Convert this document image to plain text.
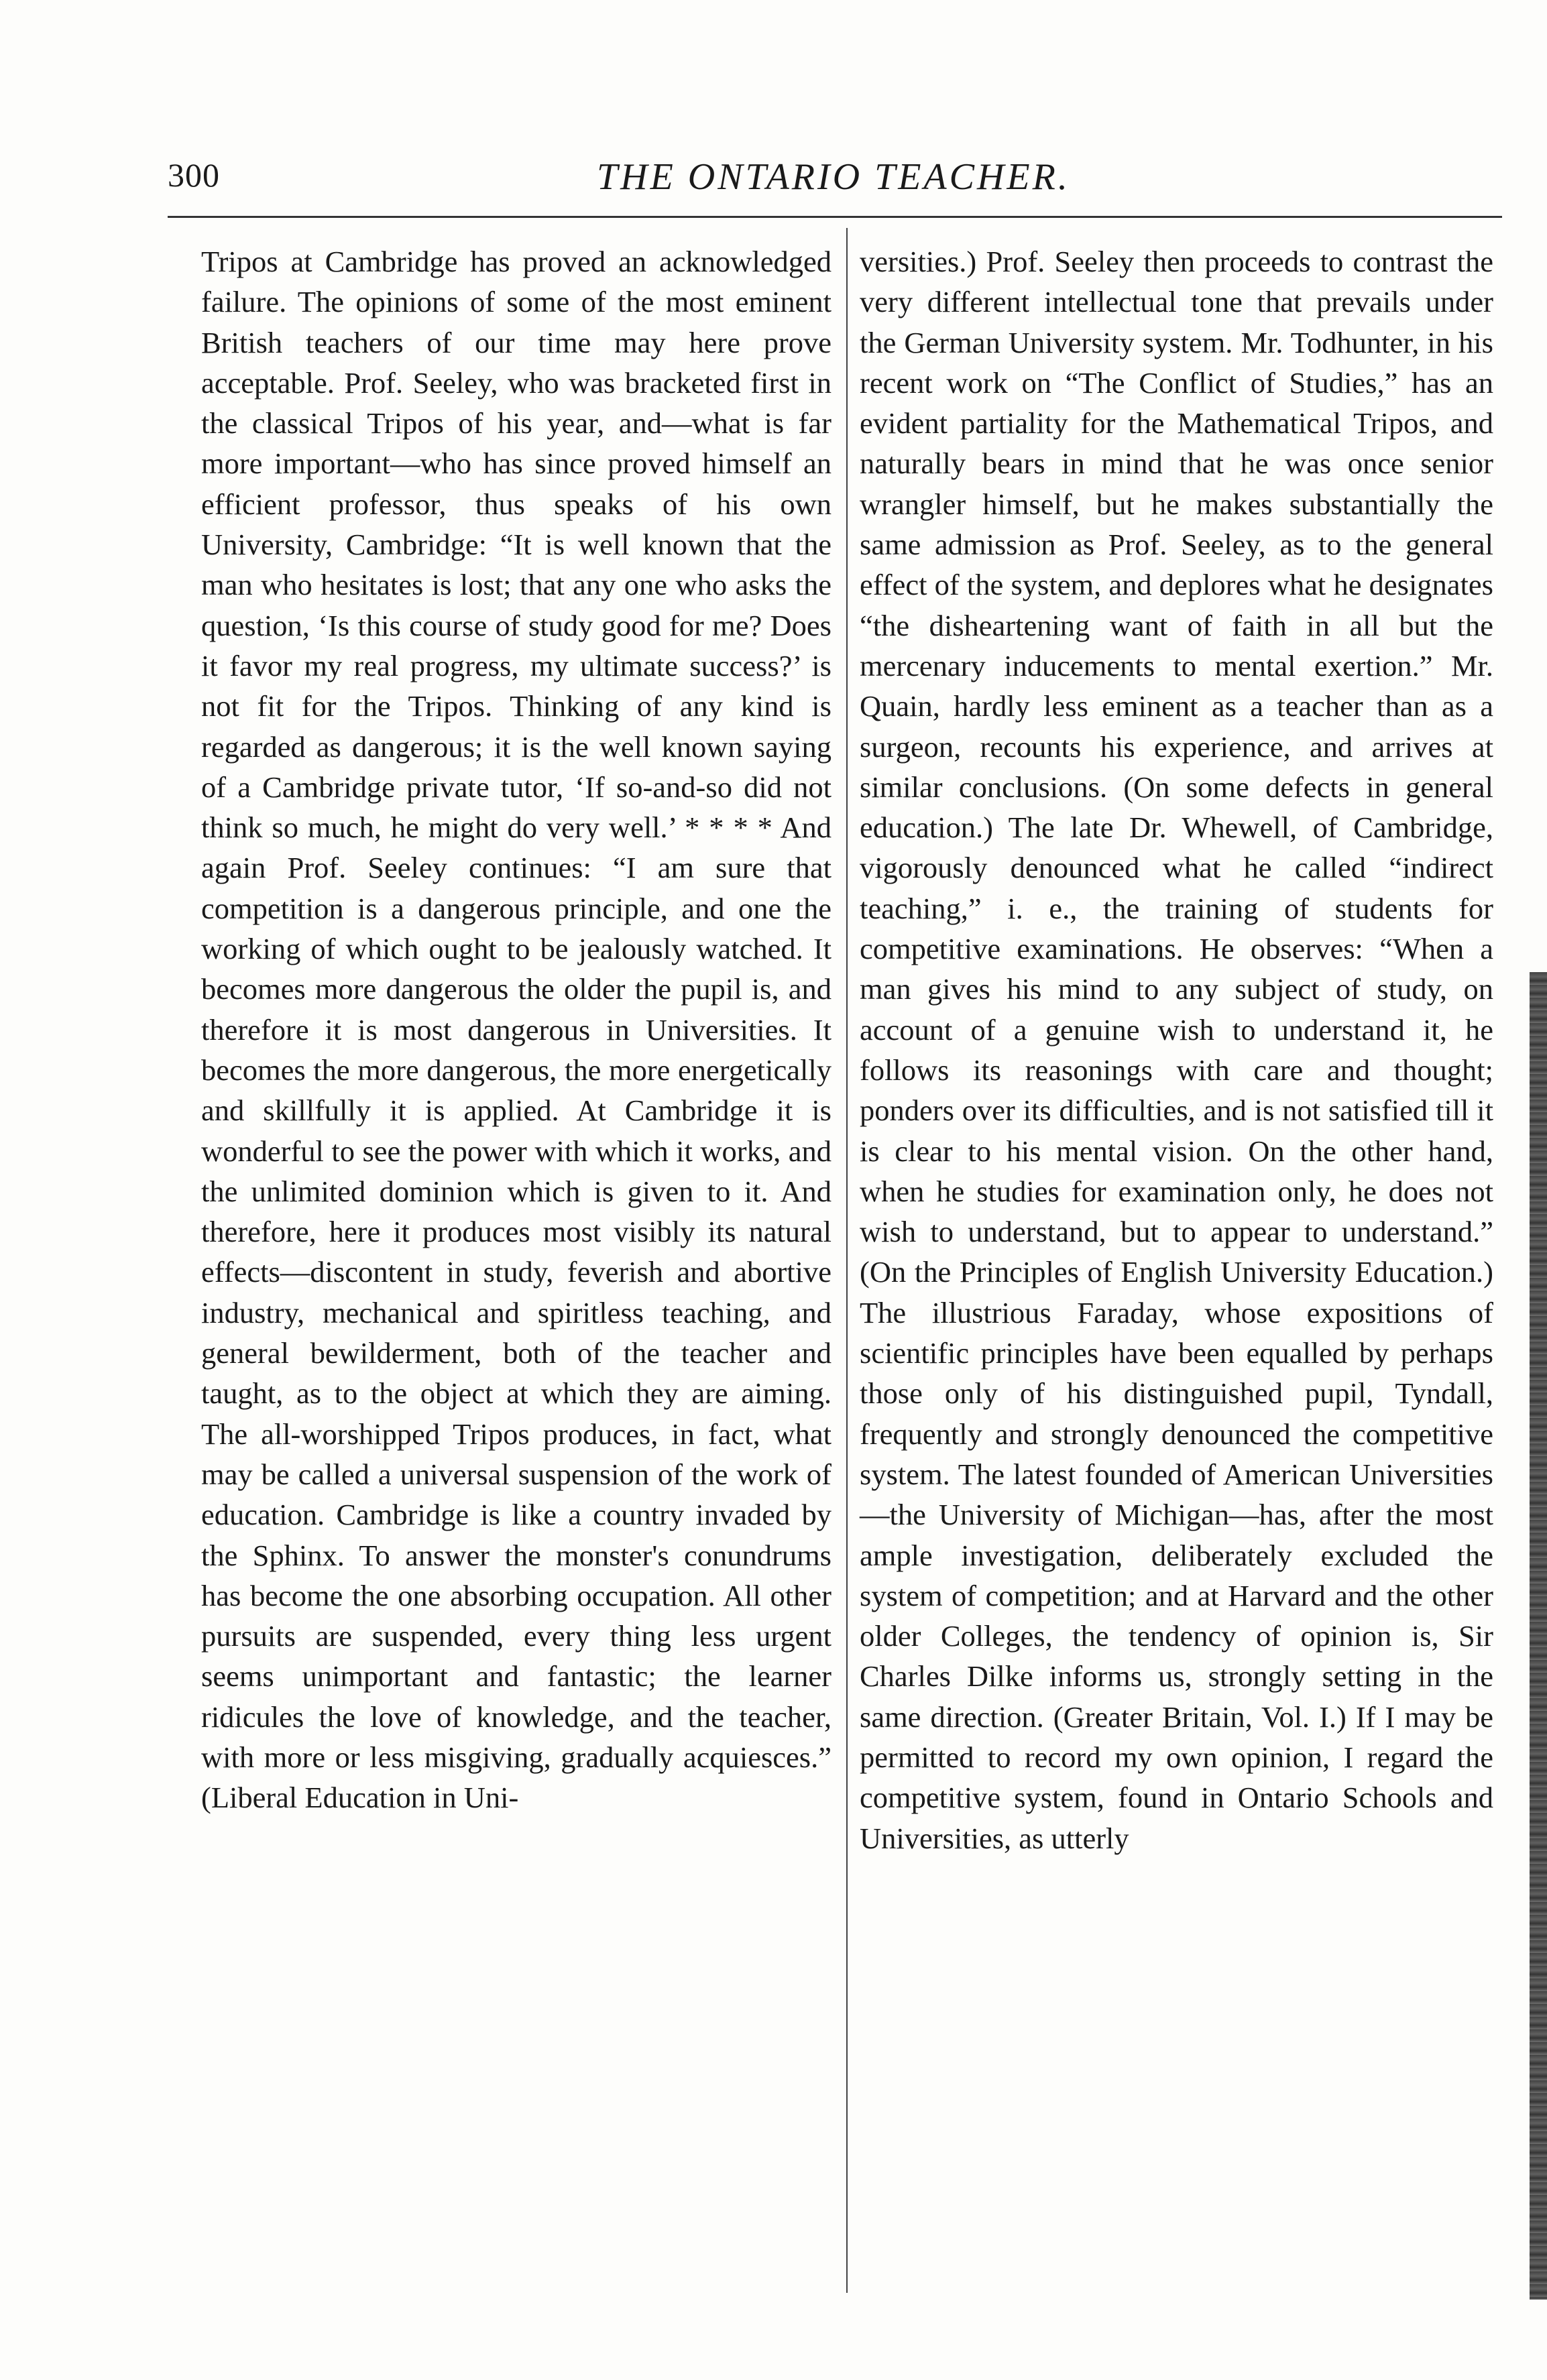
300	THE ONTARIO TEACHER.

Tripos at Cambridge has proved an acknowledged failure. The opinions of some of the most eminent British teachers of our time may here prove acceptable. Prof. Seeley, who was bracketed first in the classical Tripos of his year, and—what is far more important—who has since proved himself an efficient professor, thus speaks of his own University, Cambridge: “It is well known that the man who hesitates is lost; that any one who asks the question, ‘Is this course of study good for me? Does it favor my real progress, my ultimate success?’ is not fit for the Tripos. Thinking of any kind is regarded as dangerous; it is the well known saying of a Cambridge private tutor, ‘If so-and-so did not think so much, he might do very well.’ * * * * And again Prof. Seeley continues: “I am sure that competition is a dangerous principle, and one the working of which ought to be jealously watched. It becomes more dangerous the older the pupil is, and therefore it is most dangerous in Universities. It becomes the more dangerous, the more energetically and skillfully it is applied. At Cambridge it is wonderful to see the power with which it works, and the unlimited dominion which is given to it. And therefore, here it produces most visibly its natural effects—discontent in study, feverish and abortive industry, mechanical and spiritless teaching, and general bewilderment, both of the teacher and taught, as to the object at which they are aiming. The all-worshipped Tripos produces, in fact, what may be called a universal suspension of the work of education. Cambridge is like a country invaded by the Sphinx. To answer the monster's conundrums has become the one absorbing occupation. All other pursuits are suspended, every thing less urgent seems unimportant and fantastic; the learner ridicules the love of knowledge, and the teacher, with more or less misgiving, gradually acquiesces.” (Liberal Education in Uni-

versities.) Prof. Seeley then proceeds to contrast the very different intellectual tone that prevails under the German University system. Mr. Todhunter, in his recent work on “The Conflict of Studies,” has an evident partiality for the Mathematical Tripos, and naturally bears in mind that he was once senior wrangler himself, but he makes substantially the same admission as Prof. Seeley, as to the general effect of the system, and deplores what he designates “the disheartening want of faith in all but the mercenary inducements to mental exertion.” Mr. Quain, hardly less eminent as a teacher than as a surgeon, recounts his experience, and arrives at similar conclusions. (On some defects in general education.) The late Dr. Whewell, of Cambridge, vigorously denounced what he called “indirect teaching,” i. e., the training of students for competitive examinations. He observes: “When a man gives his mind to any subject of study, on account of a genuine wish to understand it, he follows its reasonings with care and thought; ponders over its difficulties, and is not satisfied till it is clear to his mental vision. On the other hand, when he studies for examination only, he does not wish to understand, but to appear to understand.” (On the Principles of English University Education.) The illustrious Faraday, whose expositions of scientific principles have been equalled by perhaps those only of his distinguished pupil, Tyndall, frequently and strongly denounced the competitive system. The latest founded of American Universities—the University of Michigan—has, after the most ample investigation, deliberately excluded the system of competition; and at Harvard and the other older Colleges, the tendency of opinion is, Sir Charles Dilke informs us, strongly setting in the same direction. (Greater Britain, Vol. I.) If I may be permitted to record my own opinion, I regard the competitive system, found in Ontario Schools and Universities, as utterly
